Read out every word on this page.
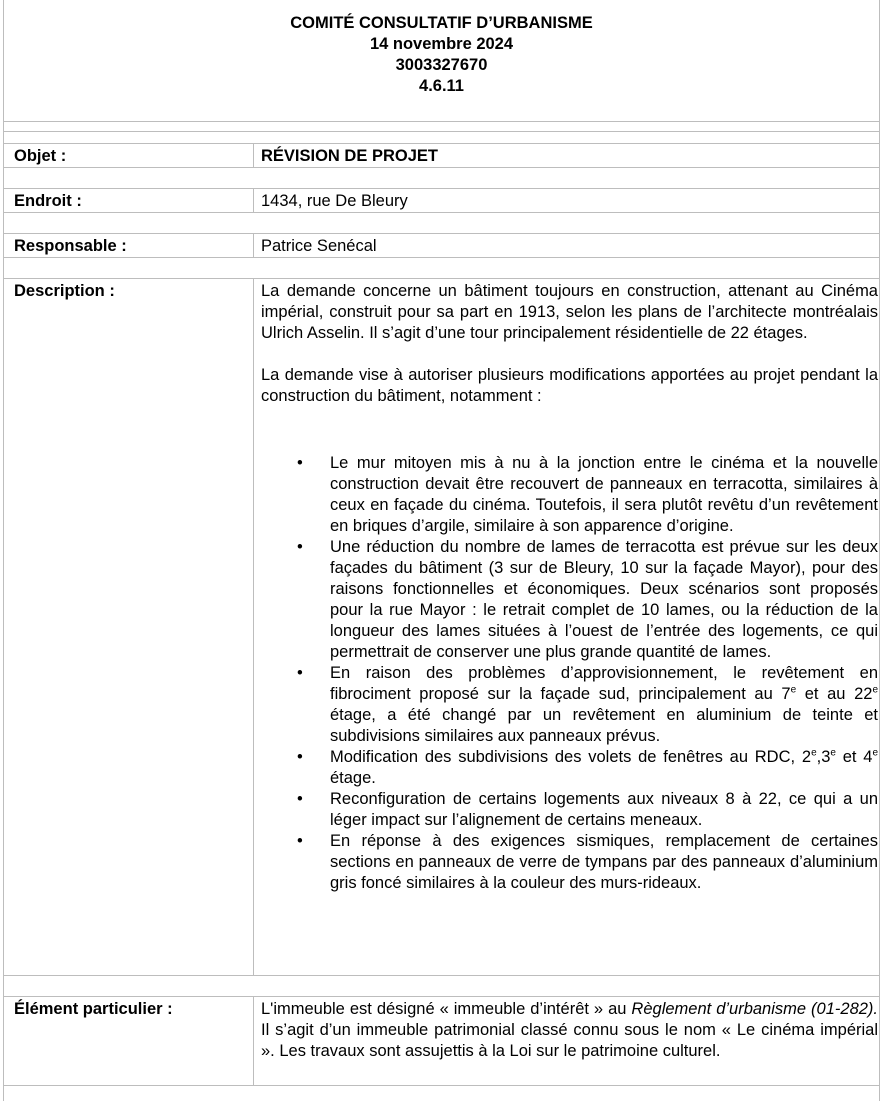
COMITÉ CONSULTATIF D’URBANISME
14 novembre 2024
3003327670
4.6.11
Objet :	RÉVISION DE PROJET
Endroit :	1434, rue De Bleury
Responsable :	Patrice Senécal
Description :	La demande concerne un bâtiment toujours en construction, attenant au Cinéma impérial, construit pour sa part en 1913, selon les plans de l’architecte montréalais Ulrich Asselin. Il s’agit d’une tour principalement résidentielle de 22 étages.

La demande vise à autoriser plusieurs modifications apportées au projet pendant la construction du bâtiment, notamment :

• Le mur mitoyen mis à nu à la jonction entre le cinéma et la nouvelle construction devait être recouvert de panneaux en terracotta, similaires à ceux en façade du cinéma. Toutefois, il sera plutôt revêtu d’un revêtement en briques d’argile, similaire à son apparence d’origine.
• Une réduction du nombre de lames de terracotta est prévue sur les deux façades du bâtiment (3 sur de Bleury, 10 sur la façade Mayor), pour des raisons fonctionnelles et économiques. Deux scénarios sont proposés pour la rue Mayor : le retrait complet de 10 lames, ou la réduction de la longueur des lames situées à l’ouest de l’entrée des logements, ce qui permettrait de conserver une plus grande quantité de lames.
• En raison des problèmes d’approvisionnement, le revêtement en fibrociment proposé sur la façade sud, principalement au 7e et au 22e étage, a été changé par un revêtement en aluminium de teinte et subdivisions similaires aux panneaux prévus.
• Modification des subdivisions des volets de fenêtres au RDC, 2e,3e et 4e étage.
• Reconfiguration de certains logements aux niveaux 8 à 22, ce qui a un léger impact sur l’alignement de certains meneaux.
• En réponse à des exigences sismiques, remplacement de certaines sections en panneaux de verre de tympans par des panneaux d’aluminium gris foncé similaires à la couleur des murs-rideaux.
Élément particulier :	L'immeuble est désigné « immeuble d’intérêt » au Règlement d’urbanisme (01-282). Il s’agit d’un immeuble patrimonial classé connu sous le nom « Le cinéma impérial ». Les travaux sont assujettis à la Loi sur le patrimoine culturel.
